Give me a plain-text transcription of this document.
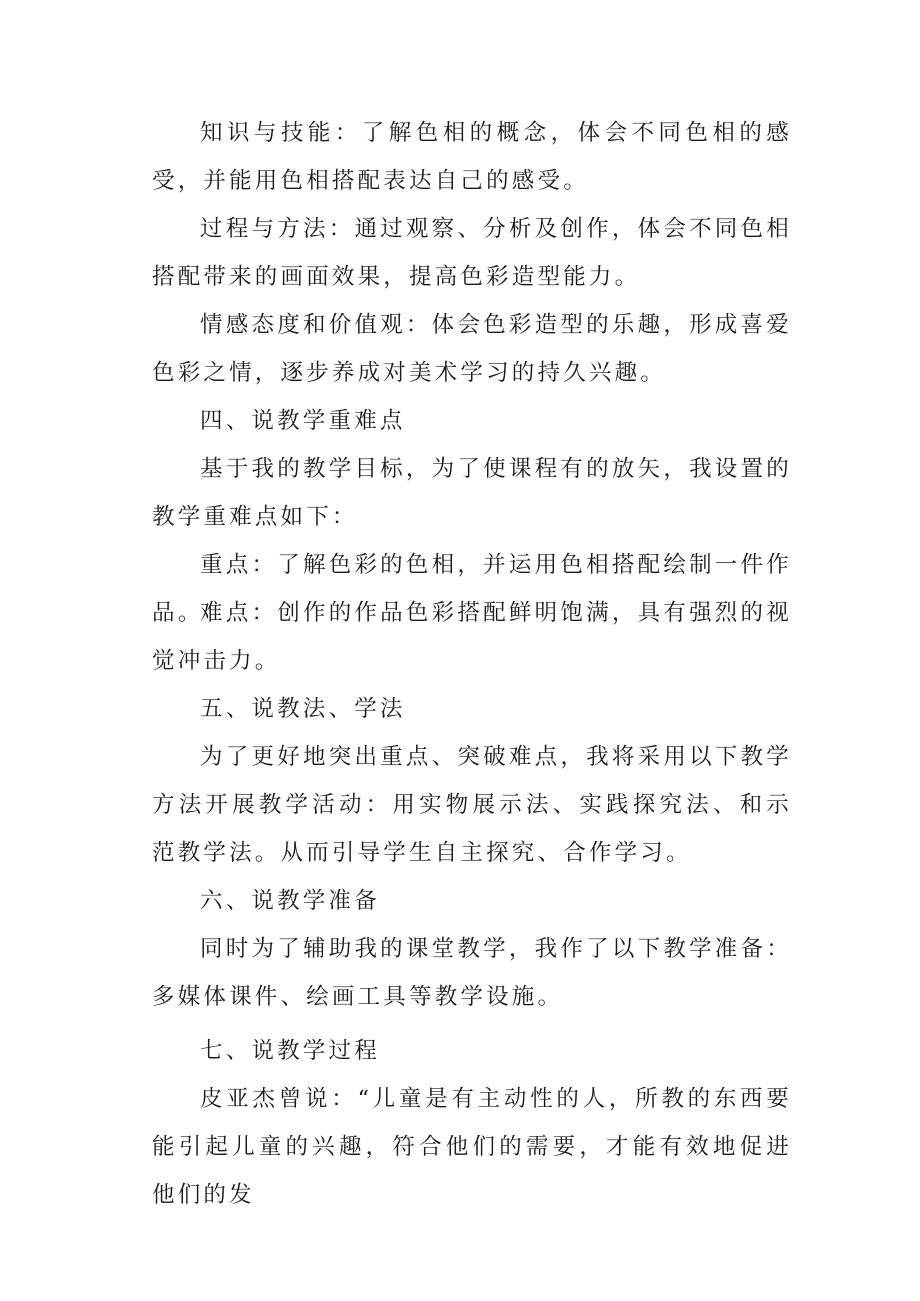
知识与技能：了解色相的概念，体会不同色相的感受，并能用色相搭配表达自己的感受。

过程与方法：通过观察、分析及创作，体会不同色相搭配带来的画面效果，提高色彩造型能力。

情感态度和价值观：体会色彩造型的乐趣，形成喜爱色彩之情，逐步养成对美术学习的持久兴趣。

四、说教学重难点

基于我的教学目标，为了使课程有的放矢，我设置的教学重难点如下：

重点：了解色彩的色相，并运用色相搭配绘制一件作品。

难点：创作的作品色彩搭配鲜明饱满，具有强烈的视觉冲击力。

五、说教法、学法

为了更好地突出重点、突破难点，我将采用以下教学方法开展教学活动：用实物展示法、实践探究法、和示范教学法。从而引导学生自主探究、合作学习。

六、说教学准备

同时为了辅助我的课堂教学，我作了以下教学准备：多媒体课件、绘画工具等教学设施。

七、说教学过程

皮亚杰曾说：“儿童是有主动性的人，所教的东西要能引起儿童的兴趣，符合他们的需要，才能有效地促进他们的发
